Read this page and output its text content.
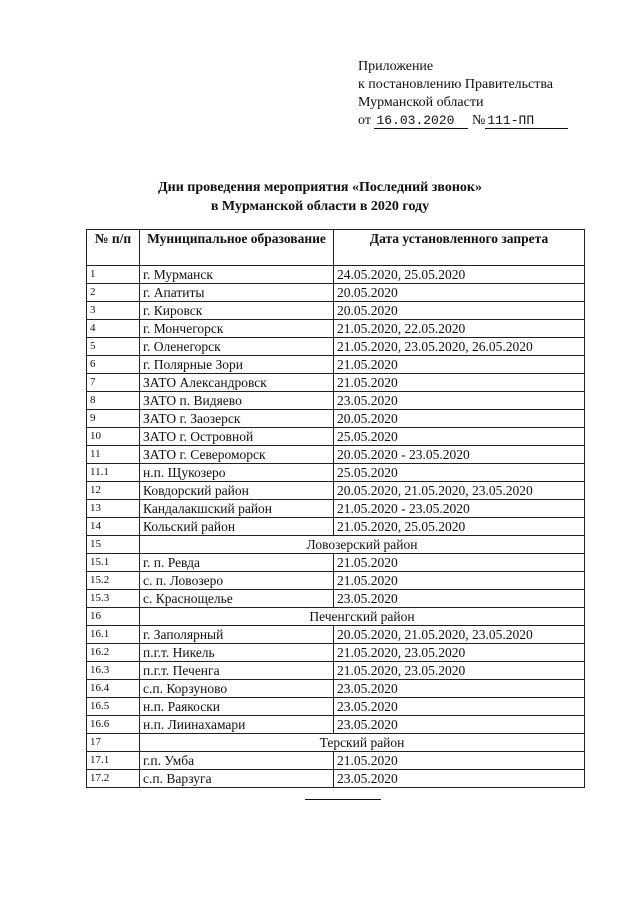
Приложение
к постановлению Правительства
Мурманской области
от 16.03.2020 № 111-ПП
Дни проведения мероприятия «Последний звонок»
в Мурманской области в 2020 году
№ п/п	Муниципальное образование	Дата установленного запрета
1	г. Мурманск	24.05.2020, 25.05.2020
2	г. Апатиты	20.05.2020
3	г. Кировск	20.05.2020
4	г. Мончегорск	21.05.2020, 22.05.2020
5	г. Оленегорск	21.05.2020, 23.05.2020, 26.05.2020
6	г. Полярные Зори	21.05.2020
7	ЗАТО Александровск	21.05.2020
8	ЗАТО п. Видяево	23.05.2020
9	ЗАТО г. Заозерск	20.05.2020
10	ЗАТО г. Островной	25.05.2020
11	ЗАТО г. Североморск	20.05.2020 - 23.05.2020
11.1	н.п. Щукозеро	25.05.2020
12	Ковдорский район	20.05.2020, 21.05.2020, 23.05.2020
13	Кандалакшский район	21.05.2020 - 23.05.2020
14	Кольский район	21.05.2020, 25.05.2020
15	Ловозерский район	
15.1	г. п. Ревда	21.05.2020
15.2	с. п. Ловозеро	21.05.2020
15.3	с. Краснощелье	23.05.2020
16	Печенгский район	
16.1	г. Заполярный	20.05.2020, 21.05.2020, 23.05.2020
16.2	п.г.т. Никель	21.05.2020, 23.05.2020
16.3	п.г.т. Печенга	21.05.2020, 23.05.2020
16.4	с.п. Корзуново	23.05.2020
16.5	н.п. Раякоски	23.05.2020
16.6	н.п. Лиинахамари	23.05.2020
17	Терский район	
17.1	г.п. Умба	21.05.2020
17.2	с.п. Варзуга	23.05.2020
